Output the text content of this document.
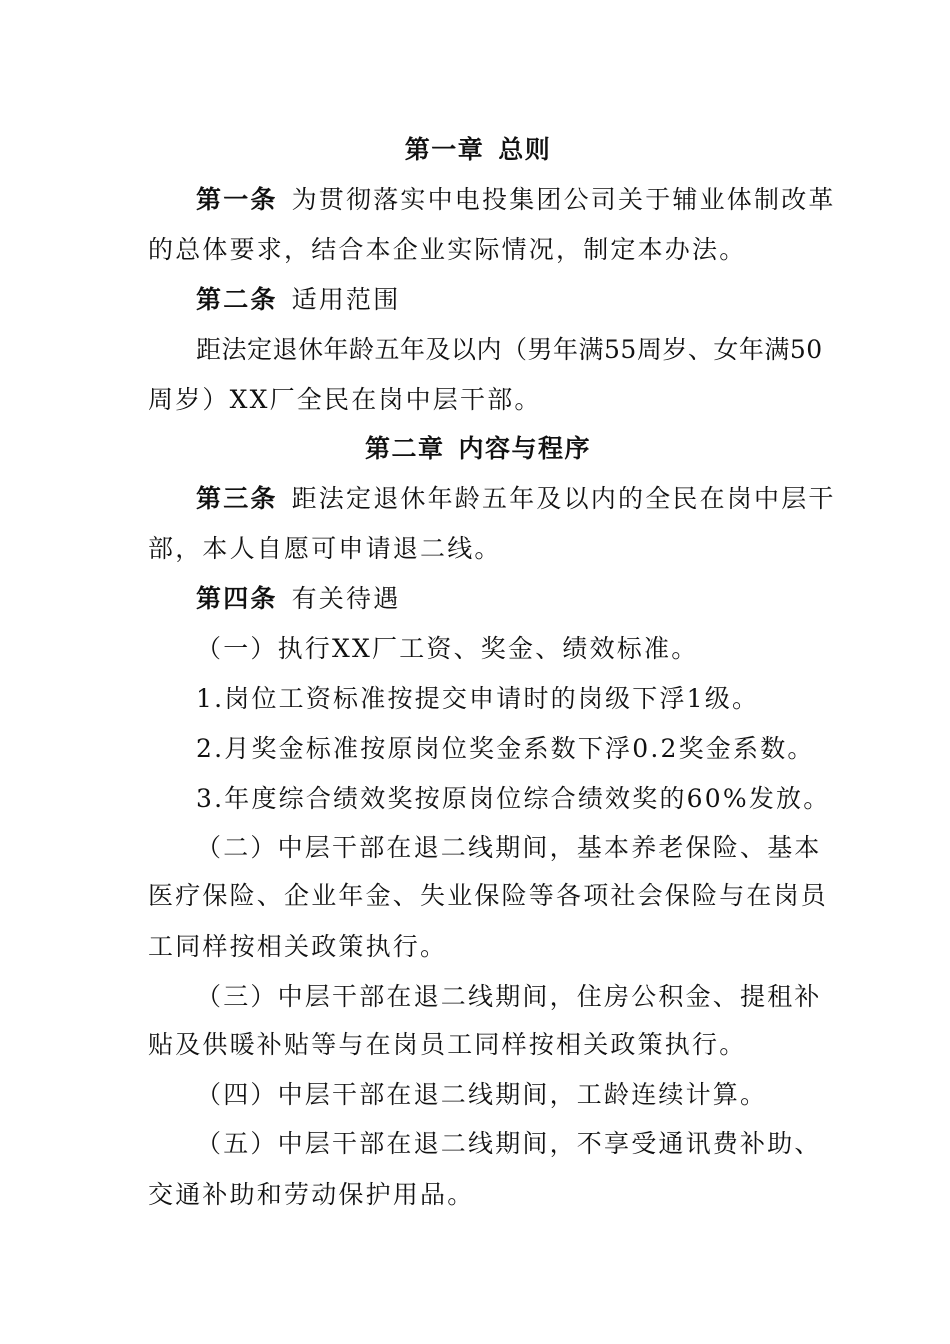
第一章 总则
第一条 为贯彻落实中电投集团公司关于辅业体制改革
的总体要求，结合本企业实际情况，制定本办法。
第二条 适用范围
距法定退休年龄五年及以内（男年满55周岁、女年满50
周岁）XX厂全民在岗中层干部。
第二章 内容与程序
第三条 距法定退休年龄五年及以内的全民在岗中层干
部，本人自愿可申请退二线。
第四条 有关待遇
（一）执行XX厂工资、奖金、绩效标准。
1.岗位工资标准按提交申请时的岗级下浮1级。
2.月奖金标准按原岗位奖金系数下浮0.2奖金系数。
3.年度综合绩效奖按原岗位综合绩效奖的60%发放。
（二）中层干部在退二线期间，基本养老保险、基本
医疗保险、企业年金、失业保险等各项社会保险与在岗员
工同样按相关政策执行。
（三）中层干部在退二线期间，住房公积金、提租补
贴及供暖补贴等与在岗员工同样按相关政策执行。
（四）中层干部在退二线期间，工龄连续计算。
（五）中层干部在退二线期间，不享受通讯费补助、
交通补助和劳动保护用品。
